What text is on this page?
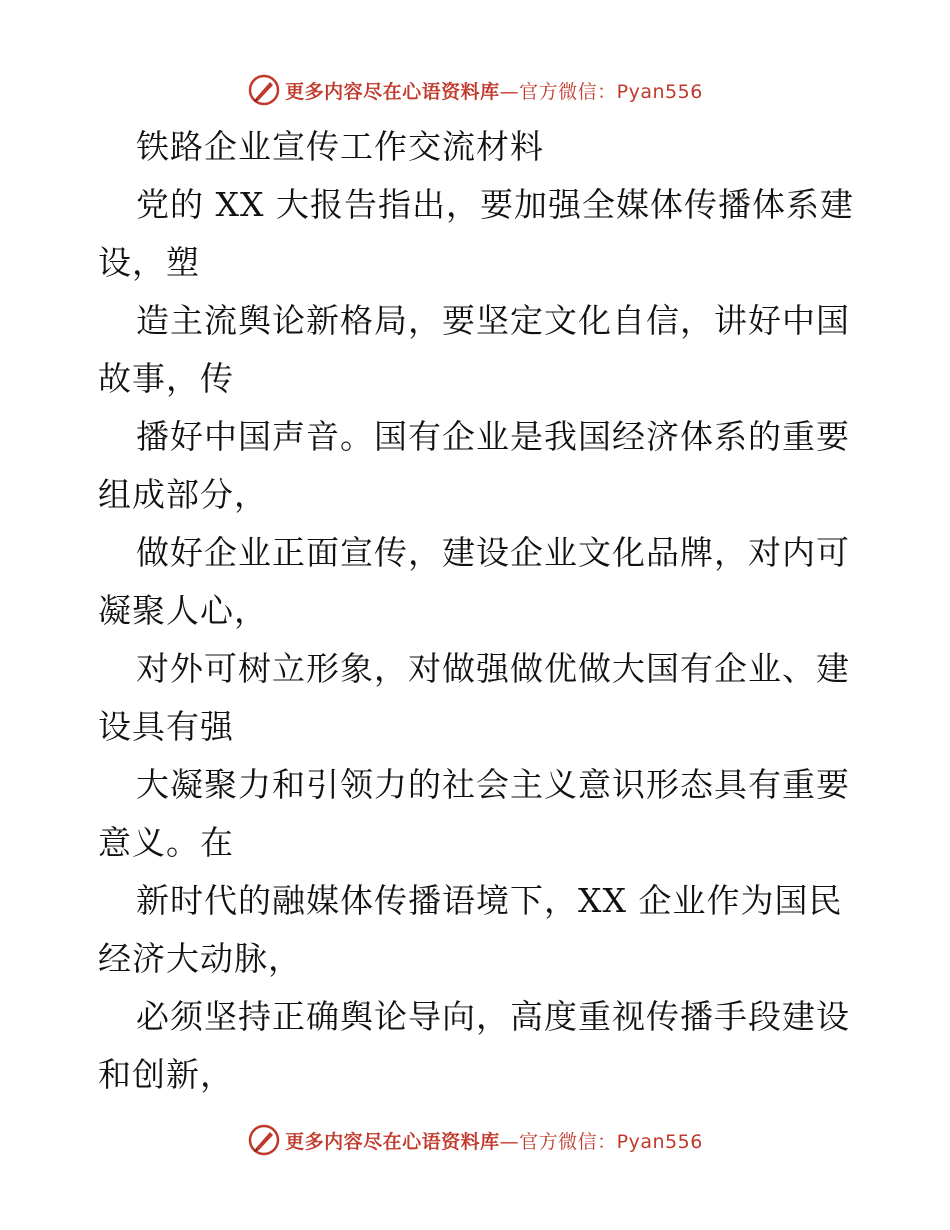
更多内容尽在心语资料库—官方微信：Pyan556
铁路企业宣传工作交流材料
党的 XX 大报告指出，要加强全媒体传播体系建
设，塑
造主流舆论新格局，要坚定文化自信，讲好中国
故事，传
播好中国声音。国有企业是我国经济体系的重要
组成部分，
做好企业正面宣传，建设企业文化品牌，对内可
凝聚人心，
对外可树立形象，对做强做优做大国有企业、建
设具有强
大凝聚力和引领力的社会主义意识形态具有重要
意义。在
新时代的融媒体传播语境下，XX 企业作为国民
经济大动脉，
必须坚持正确舆论导向，高度重视传播手段建设
和创新，
更多内容尽在心语资料库—官方微信：Pyan556
